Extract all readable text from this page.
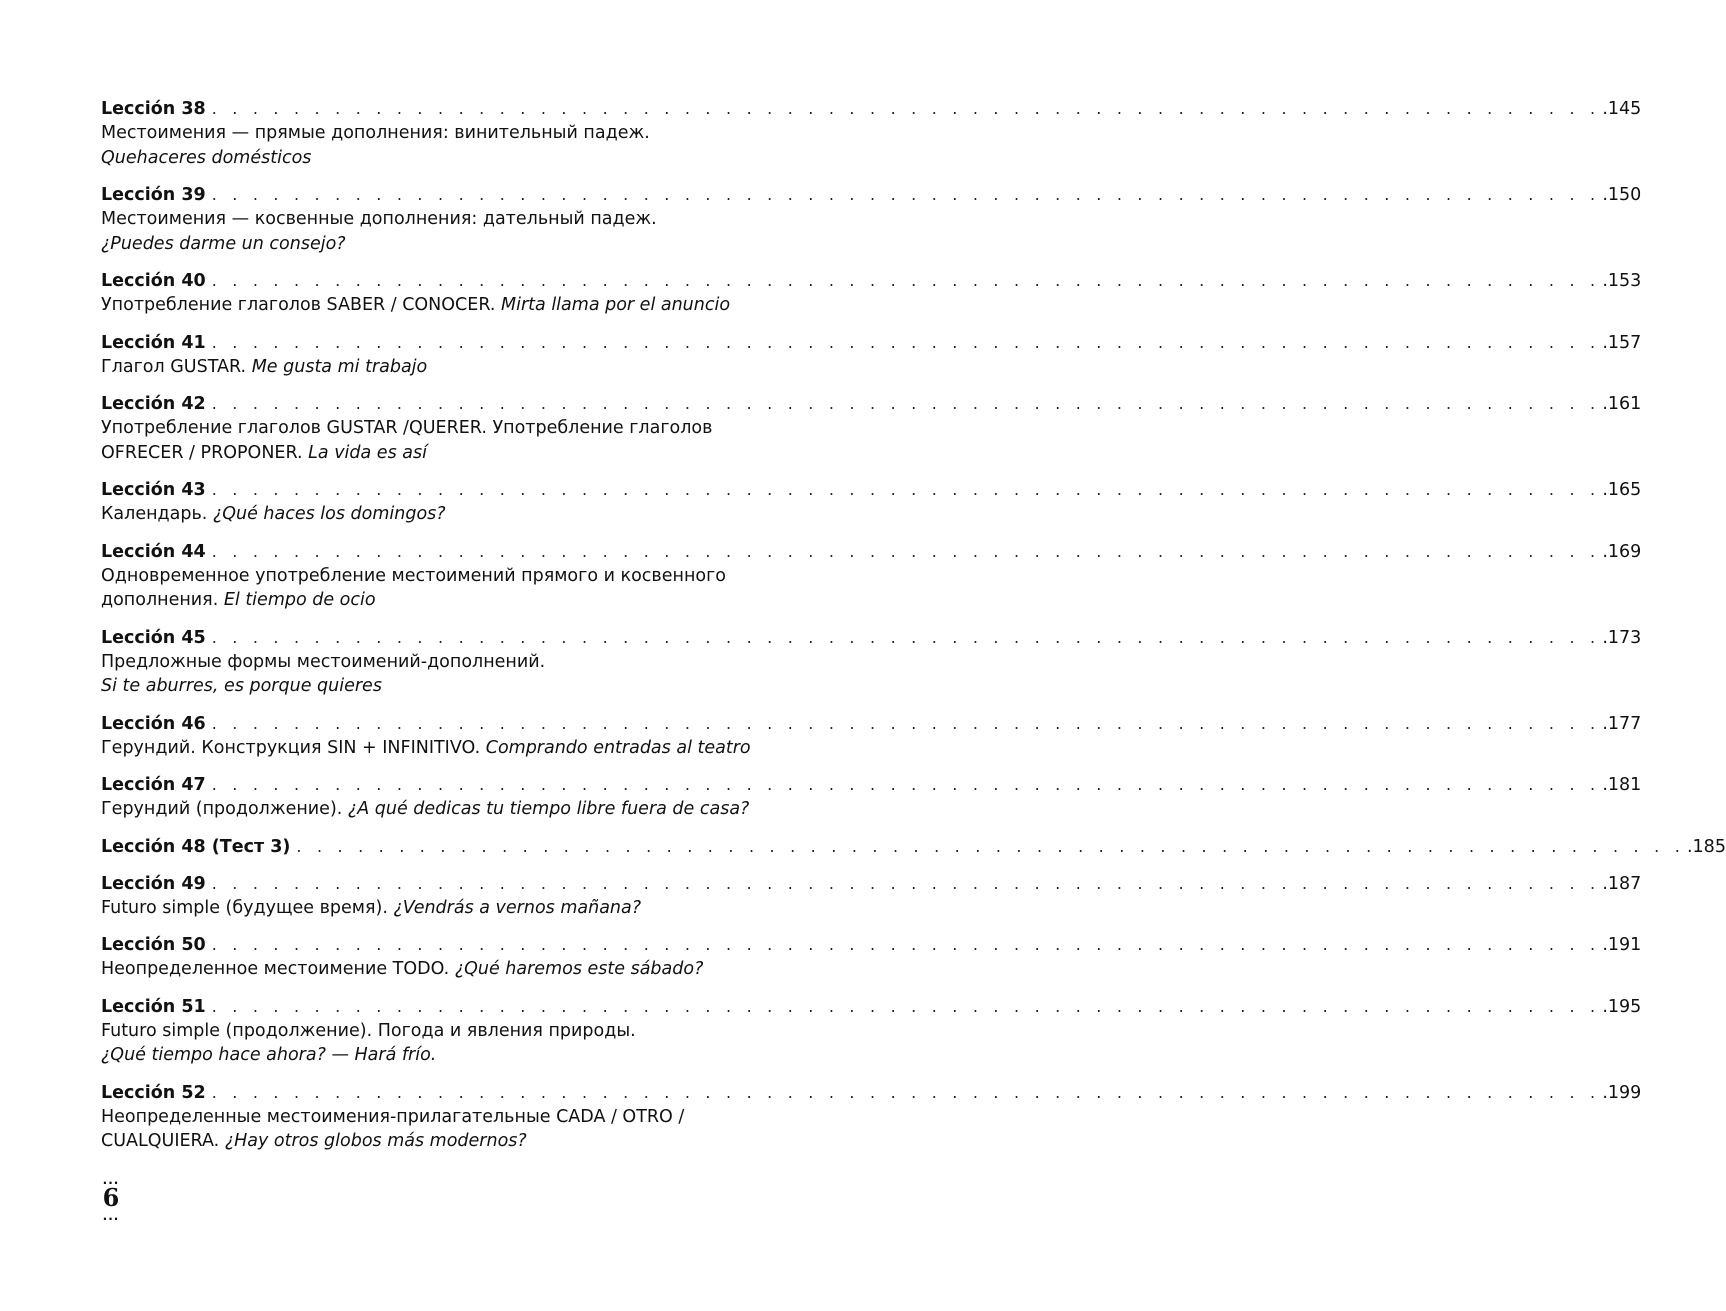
Lección 38 . . . . . . . . . . . . . . . . . . . . . . . . . . . . . . . . . . . . . . . . . . . . . . . . . . . . . . . . . . . . . . . . . . . . .145
Местоимения — прямые дополнения: винительный падеж.
Quehaceres domésticos
Lección 39 . . . . . . . . . . . . . . . . . . . . . . . . . . . . . . . . . . . . . . . . . . . . . . . . . . . . . . . . . . . . . . . . . . . . .150
Местоимения — косвенные дополнения: дательный падеж.
¿Puedes darme un consejo?
Lección 40 . . . . . . . . . . . . . . . . . . . . . . . . . . . . . . . . . . . . . . . . . . . . . . . . . . . . . . . . . . . . . . . . . . . . .153
Употребление глаголов SABER / CONOCER. Mirta llama por el anuncio
Lección 41 . . . . . . . . . . . . . . . . . . . . . . . . . . . . . . . . . . . . . . . . . . . . . . . . . . . . . . . . . . . . . . . . . . . . .157
Глагол GUSTAR. Me gusta mi trabajo
Lección 42 . . . . . . . . . . . . . . . . . . . . . . . . . . . . . . . . . . . . . . . . . . . . . . . . . . . . . . . . . . . . . . . . . . . . .161
Употребление глаголов GUSTAR /QUERER. Употребление глаголов OFRECER / PROPONER. La vida es así
Lección 43 . . . . . . . . . . . . . . . . . . . . . . . . . . . . . . . . . . . . . . . . . . . . . . . . . . . . . . . . . . . . . . . . . . . . .165
Календарь. ¿Qué haces los domingos?
Lección 44 . . . . . . . . . . . . . . . . . . . . . . . . . . . . . . . . . . . . . . . . . . . . . . . . . . . . . . . . . . . . . . . . . . . . .169
Одновременное употребление местоимений прямого и косвенного дополнения. El tiempo de ocio
Lección 45 . . . . . . . . . . . . . . . . . . . . . . . . . . . . . . . . . . . . . . . . . . . . . . . . . . . . . . . . . . . . . . . . . . . . .173
Предложные формы местоимений-дополнений.
Si te aburres, es porque quieres
Lección 46 . . . . . . . . . . . . . . . . . . . . . . . . . . . . . . . . . . . . . . . . . . . . . . . . . . . . . . . . . . . . . . . . . . . . .177
Герундий. Конструкция SIN + INFINITIVO. Comprando entradas al teatro
Lección 47 . . . . . . . . . . . . . . . . . . . . . . . . . . . . . . . . . . . . . . . . . . . . . . . . . . . . . . . . . . . . . . . . . . . . .181
Герундий (продолжение). ¿A qué dedicas tu tiempo libre fuera de casa?
Lección 48 (Тест 3) . . . . . . . . . . . . . . . . . . . . . . . . . . . . . . . . . . . . . . . . . . . . . . . . . . . . . . . . . . . . . . . . . . . . .185
Lección 49 . . . . . . . . . . . . . . . . . . . . . . . . . . . . . . . . . . . . . . . . . . . . . . . . . . . . . . . . . . . . . . . . . . . . .187
Futuro simple (будущее время). ¿Vendrás a vernos mañana?
Lección 50 . . . . . . . . . . . . . . . . . . . . . . . . . . . . . . . . . . . . . . . . . . . . . . . . . . . . . . . . . . . . . . . . . . . . .191
Неопределенное местоимение TODO. ¿Qué haremos este sábado?
Lección 51 . . . . . . . . . . . . . . . . . . . . . . . . . . . . . . . . . . . . . . . . . . . . . . . . . . . . . . . . . . . . . . . . . . . . .195
Futuro simple (продолжение). Погода и явления природы.
¿Qué tiempo hace ahora? — Hará frío.
Lección 52 . . . . . . . . . . . . . . . . . . . . . . . . . . . . . . . . . . . . . . . . . . . . . . . . . . . . . . . . . . . . . . . . . . . . .199
Неопределенные местоимения-прилагательные CADA / OTRO / CUALQUIERA. ¿Hay otros globos más modernos?
...
6
...
